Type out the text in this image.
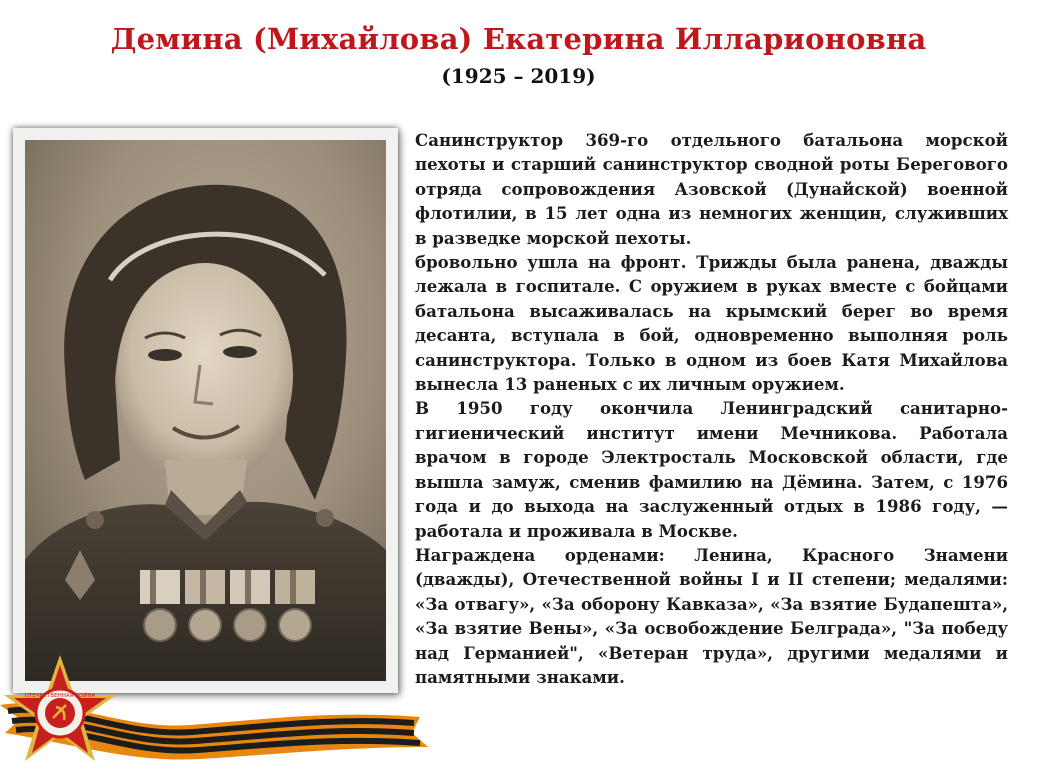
Демина (Михайлова) Екатерина Илларионовна
(1925 – 2019)

Санинструктор 369-го отдельного батальона морской пехоты и старший санинструктор сводной роты Берегового отряда сопровождения Азовской (Дунайской) военной флотилии, в 15 лет одна из немногих женщин, служивших в разведке морской пехоты.

бровольно ушла на фронт. Трижды была ранена, дважды лежала в госпитале. С оружием в руках вместе с бойцами батальона высаживалась на крымский берег во время десанта, вступала в бой, одновременно выполняя роль санинструктора. Только в одном из боев Катя Михайлова вынесла 13 раненых с их личным оружием.

В 1950 году окончила Ленинградский санитарно-гигиенический институт имени Мечникова. Работала врачом в городе Электросталь Московской области, где вышла замуж, сменив фамилию на Дёмина. Затем, с 1976 года и до выхода на заслуженный отдых в 1986 году, — работала и проживала в Москве.

Награждена орденами: Ленина, Красного Знамени (дважды), Отечественной войны I и II степени; медалями: «За отвагу», «За оборону Кавказа», «За взятие Будапешта», «За взятие Вены», «За освобождение Белграда», "За победу над Германией", «Ветеран труда», другими медалями и памятными знаками.

ОТЕЧЕСТВЕННАЯ ВОЙНА
